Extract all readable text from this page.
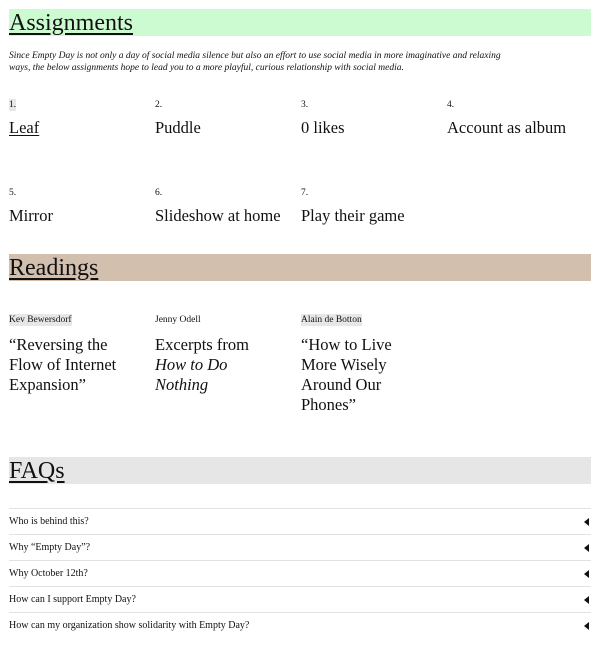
Assignments

Since Empty Day is not only a day of social media silence but also an effort to use social media in more imaginative and relaxing ways, the below assignments hope to lead you to a more playful, curious relationship with social media.

1.
Leaf
2.
Puddle
3.
0 likes
4.
Account as album
5.
Mirror
6.
Slideshow at home
7.
Play their game
Readings
Kev Bewersdorf
“Reversing the Flow of Internet Expansion”
Jenny Odell
Excerpts from How to Do Nothing
Alain de Botton
“How to Live More Wisely Around Our Phones”
FAQs
Who is behind this?
Why “Empty Day”?
Why October 12th?
How can I support Empty Day?
How can my organization show solidarity with Empty Day?
